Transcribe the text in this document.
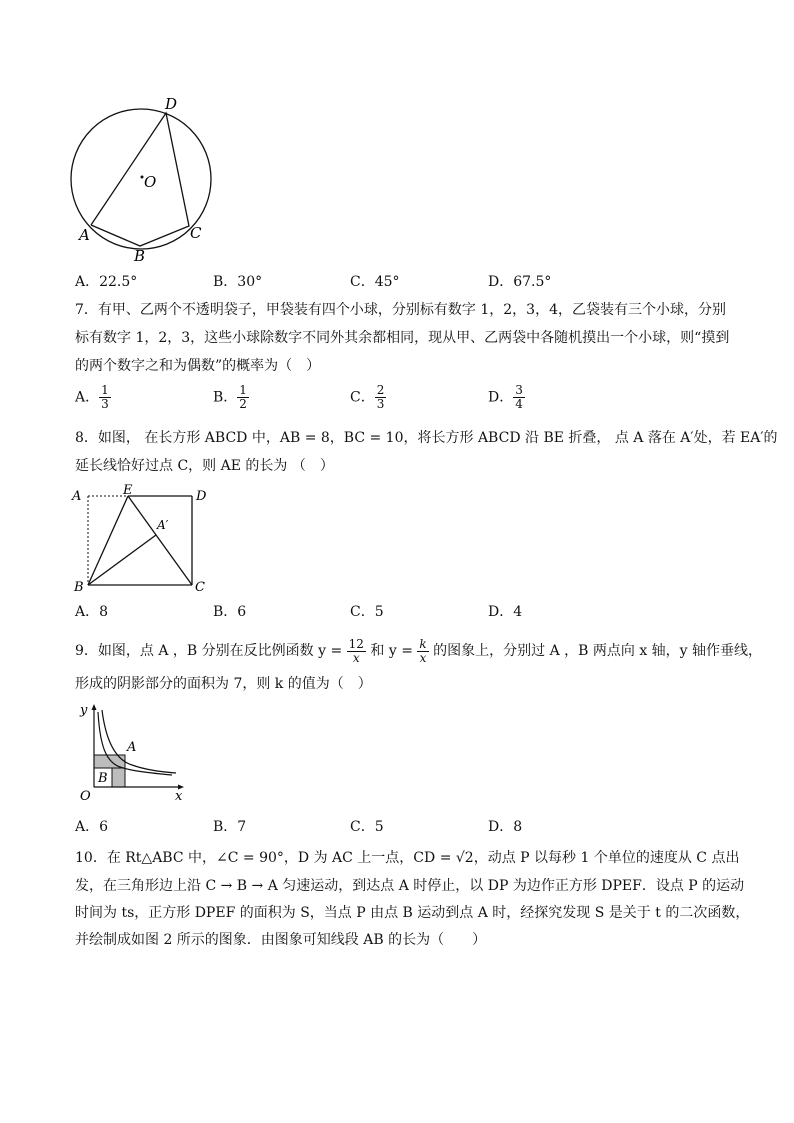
D
O
A
B
C
A．22.5°	B．30°	C．45°	D．67.5°
7．有甲、乙两个不透明袋子，甲袋装有四个小球，分别标有数字 1，2，3，4，乙袋装有三个小球，分别
标有数字 1，2，3，这些小球除数字不同外其余都相同，现从甲、乙两袋中各随机摸出一个小球，则“摸到
的两个数字之和为偶数”的概率为（　）
A． $\frac{1}{3}$	B． $\frac{1}{2}$	C． $\frac{2}{3}$	D． $\frac{3}{4}$
8．如图， 在长方形 ABCD 中，AB = 8，BC = 10，将长方形 ABCD 沿 BE 折叠， 点 A 落在 A′处，若 EA′的
延长线恰好过点 C，则 AE 的长为 （　）
A	E	D
A′
B	C
A．8	B．6	C．5	D．4
9．如图，点 A ，B 分别在反比例函数 $y = \frac{12}{x}$ 和 $y = \frac{k}{x}$ 的图象上，分别过 A ，B 两点向 x 轴，y 轴作垂线，
形成的阴影部分的面积为 7，则 k 的值为（　）
y
A
B
O	x
A．6	B．7	C．5	D．8
10．在 Rt△ABC 中，∠C = 90°，D 为 AC 上一点，CD = √2，动点 P 以每秒 1 个单位的速度从 C 点出
发，在三角形边上沿 C → B → A 匀速运动，到达点 A 时停止，以 DP 为边作正方形 DPEF．设点 P 的运动
时间为 ts，正方形 DPEF 的面积为 S，当点 P 由点 B 运动到点 A 时，经探究发现 S 是关于 t 的二次函数，
并绘制成如图 2 所示的图象．由图象可知线段 AB 的长为（　　）
